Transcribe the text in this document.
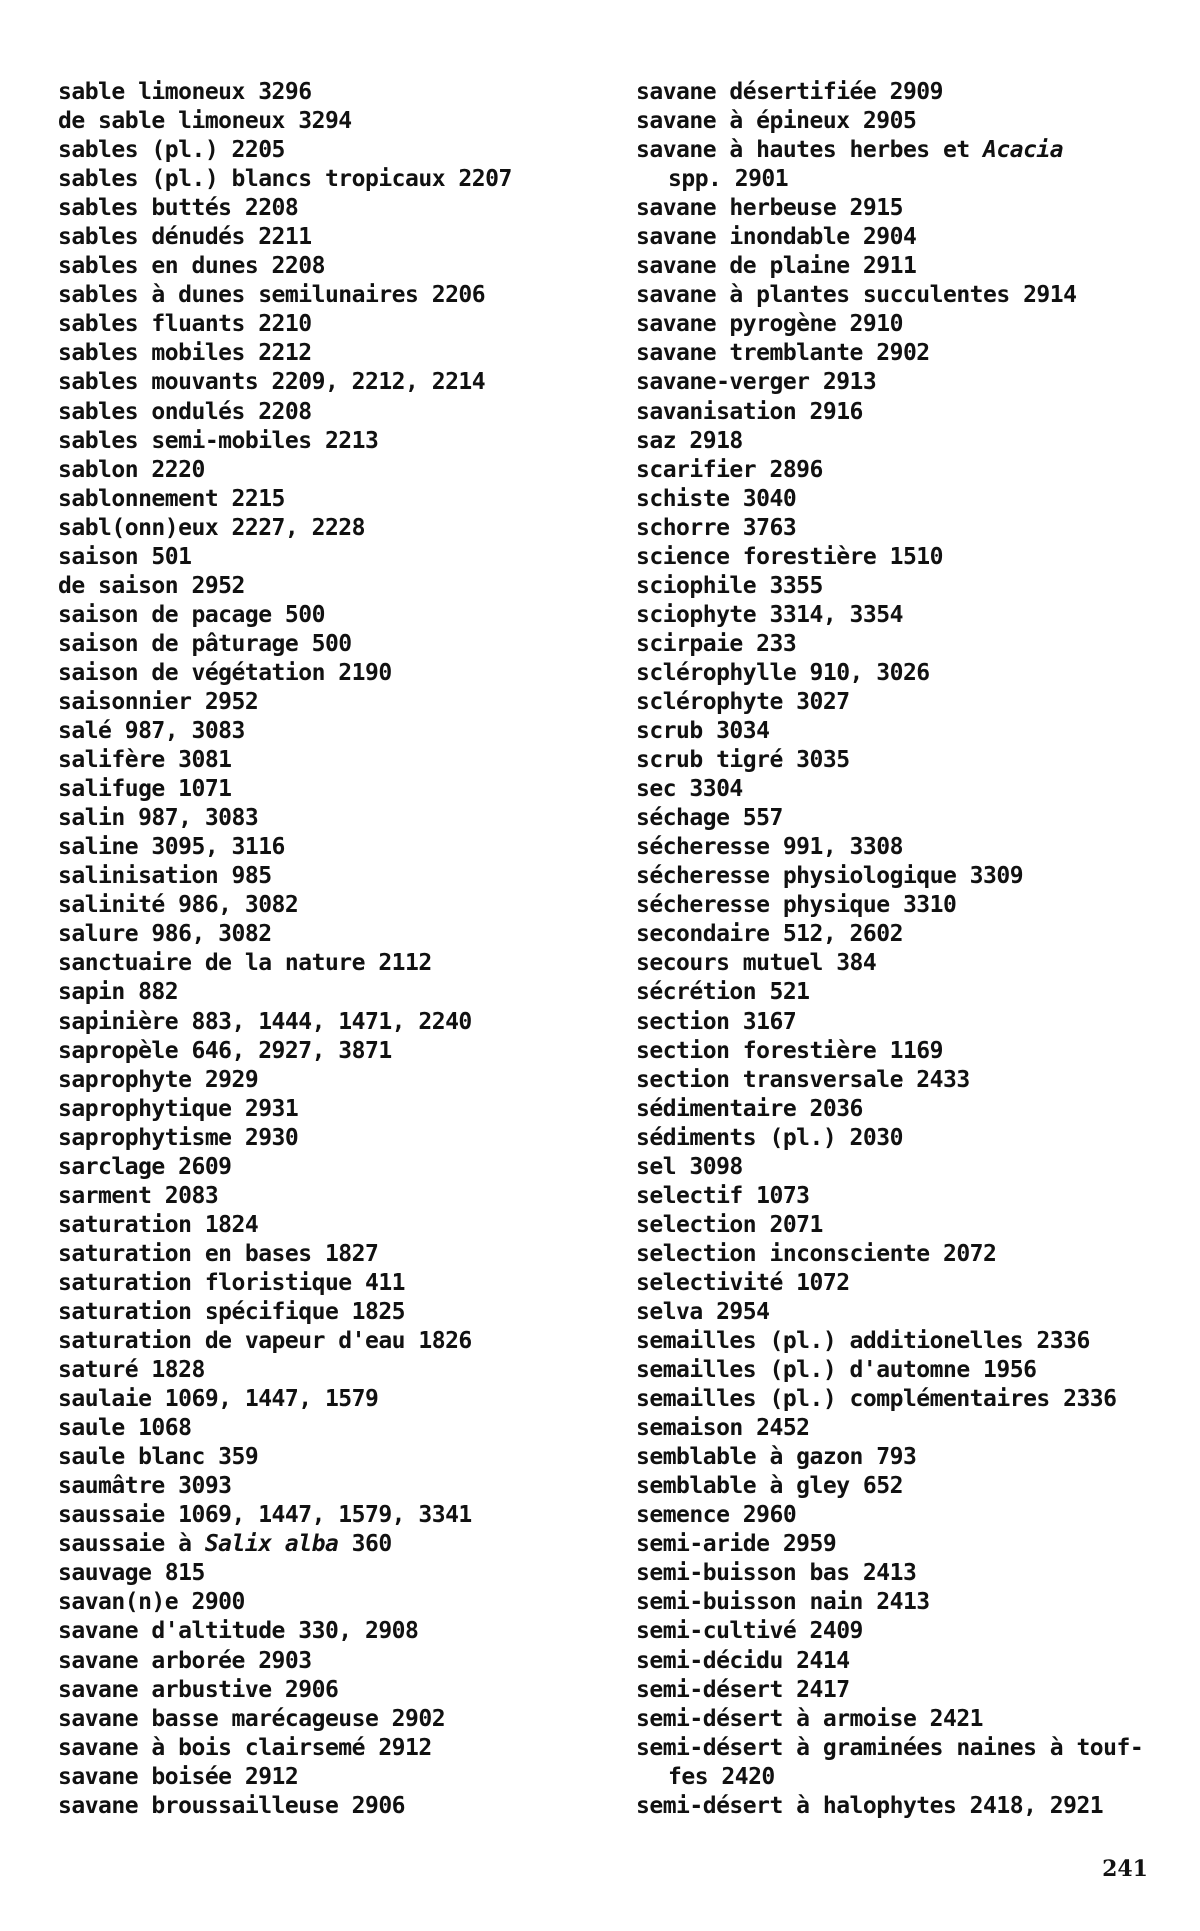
sable limoneux 3296
de sable limoneux 3294
sables (pl.) 2205
sables (pl.) blancs tropicaux 2207
sables buttés 2208
sables dénudés 2211
sables en dunes 2208
sables à dunes semilunaires 2206
sables fluants 2210
sables mobiles 2212
sables mouvants 2209, 2212, 2214
sables ondulés 2208
sables semi-mobiles 2213
sablon 2220
sablonnement 2215
sabl(onn)eux 2227, 2228
saison 501
de saison 2952
saison de pacage 500
saison de pâturage 500
saison de végétation 2190
saisonnier 2952
salé 987, 3083
salifère 3081
salifuge 1071
salin 987, 3083
saline 3095, 3116
salinisation 985
salinité 986, 3082
salure 986, 3082
sanctuaire de la nature 2112
sapin 882
sapinière 883, 1444, 1471, 2240
sapropèle 646, 2927, 3871
saprophyte 2929
saprophytique 2931
saprophytisme 2930
sarclage 2609
sarment 2083
saturation 1824
saturation en bases 1827
saturation floristique 411
saturation spécifique 1825
saturation de vapeur d'eau 1826
saturé 1828
saulaie 1069, 1447, 1579
saule 1068
saule blanc 359
saumâtre 3093
saussaie 1069, 1447, 1579, 3341
saussaie à Salix alba 360
sauvage 815
savan(n)e 2900
savane d'altitude 330, 2908
savane arborée 2903
savane arbustive 2906
savane basse marécageuse 2902
savane à bois clairsemé 2912
savane boisée 2912
savane broussailleuse 2906
savane désertifiée 2909
savane à épineux 2905
savane à hautes herbes et Acacia
spp. 2901
savane herbeuse 2915
savane inondable 2904
savane de plaine 2911
savane à plantes succulentes 2914
savane pyrogène 2910
savane tremblante 2902
savane-verger 2913
savanisation 2916
saz 2918
scarifier 2896
schiste 3040
schorre 3763
science forestière 1510
sciophile 3355
sciophyte 3314, 3354
scirpaie 233
sclérophylle 910, 3026
sclérophyte 3027
scrub 3034
scrub tigré 3035
sec 3304
séchage 557
sécheresse 991, 3308
sécheresse physiologique 3309
sécheresse physique 3310
secondaire 512, 2602
secours mutuel 384
sécrétion 521
section 3167
section forestière 1169
section transversale 2433
sédimentaire 2036
sédiments (pl.) 2030
sel 3098
selectif 1073
selection 2071
selection inconsciente 2072
selectivité 1072
selva 2954
semailles (pl.) additionelles 2336
semailles (pl.) d'automne 1956
semailles (pl.) complémentaires 2336
semaison 2452
semblable à gazon 793
semblable à gley 652
semence 2960
semi-aride 2959
semi-buisson bas 2413
semi-buisson nain 2413
semi-cultivé 2409
semi-décidu 2414
semi-désert 2417
semi-désert à armoise 2421
semi-désert à graminées naines à touf-
fes 2420
semi-désert à halophytes 2418, 2921
241
